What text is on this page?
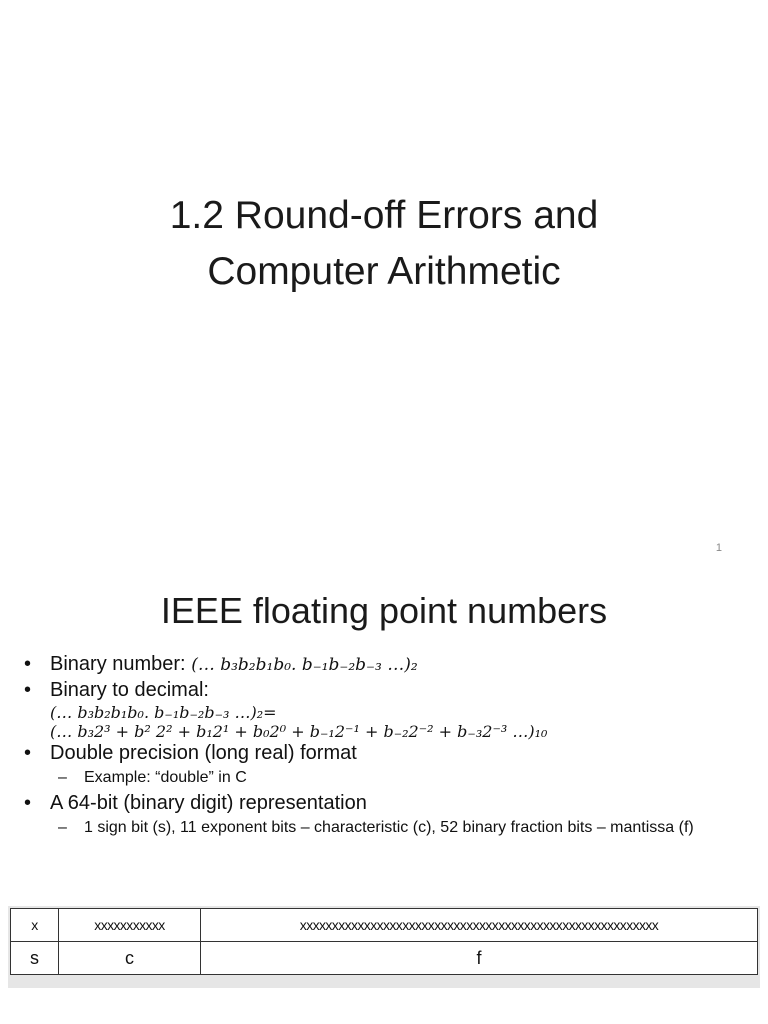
1.2 Round-off Errors and
Computer Arithmetic
1
IEEE floating point numbers
• Binary number: (… b₃b₂b₁b₀. b₋₁b₋₂b₋₃ …)₂
• Binary to decimal:
(… b₃b₂b₁b₀. b₋₁b₋₂b₋₃ …)₂=
(… b₃2³ + b² 2² + b₁2¹ + b₀2⁰ + b₋₁2⁻¹ + b₋₂2⁻² + b₋₃2⁻³ …)₁₀
• Double precision (long real) format
– Example: “double” in C
• A 64-bit (binary digit) representation
– 1 sign bit (s), 11 exponent bits – characteristic (c), 52 binary fraction bits – mantissa (f)
x	xxxxxxxxxxx	xxxxxxxxxxxxxxxxxxxxxxxxxxxxxxxxxxxxxxxxxxxxxxxxxxxxxxxx
s	c	f
